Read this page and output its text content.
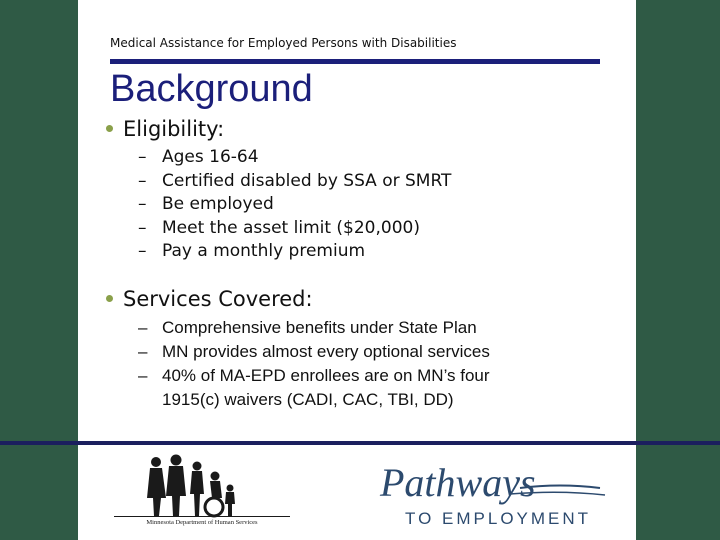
Medical Assistance for Employed Persons with Disabilities
Background
Eligibility:
– Ages 16-64
– Certified disabled by SSA or SMRT
– Be employed
– Meet the asset limit ($20,000)
– Pay a monthly premium
Services Covered:
– Comprehensive benefits under State Plan
– MN provides almost every optional services
– 40% of MA-EPD enrollees are on MN’s four
1915(c) waivers (CADI, CAC, TBI, DD)
Minnesota Department of Human Services
Pathways
TO EMPLOYMENT
